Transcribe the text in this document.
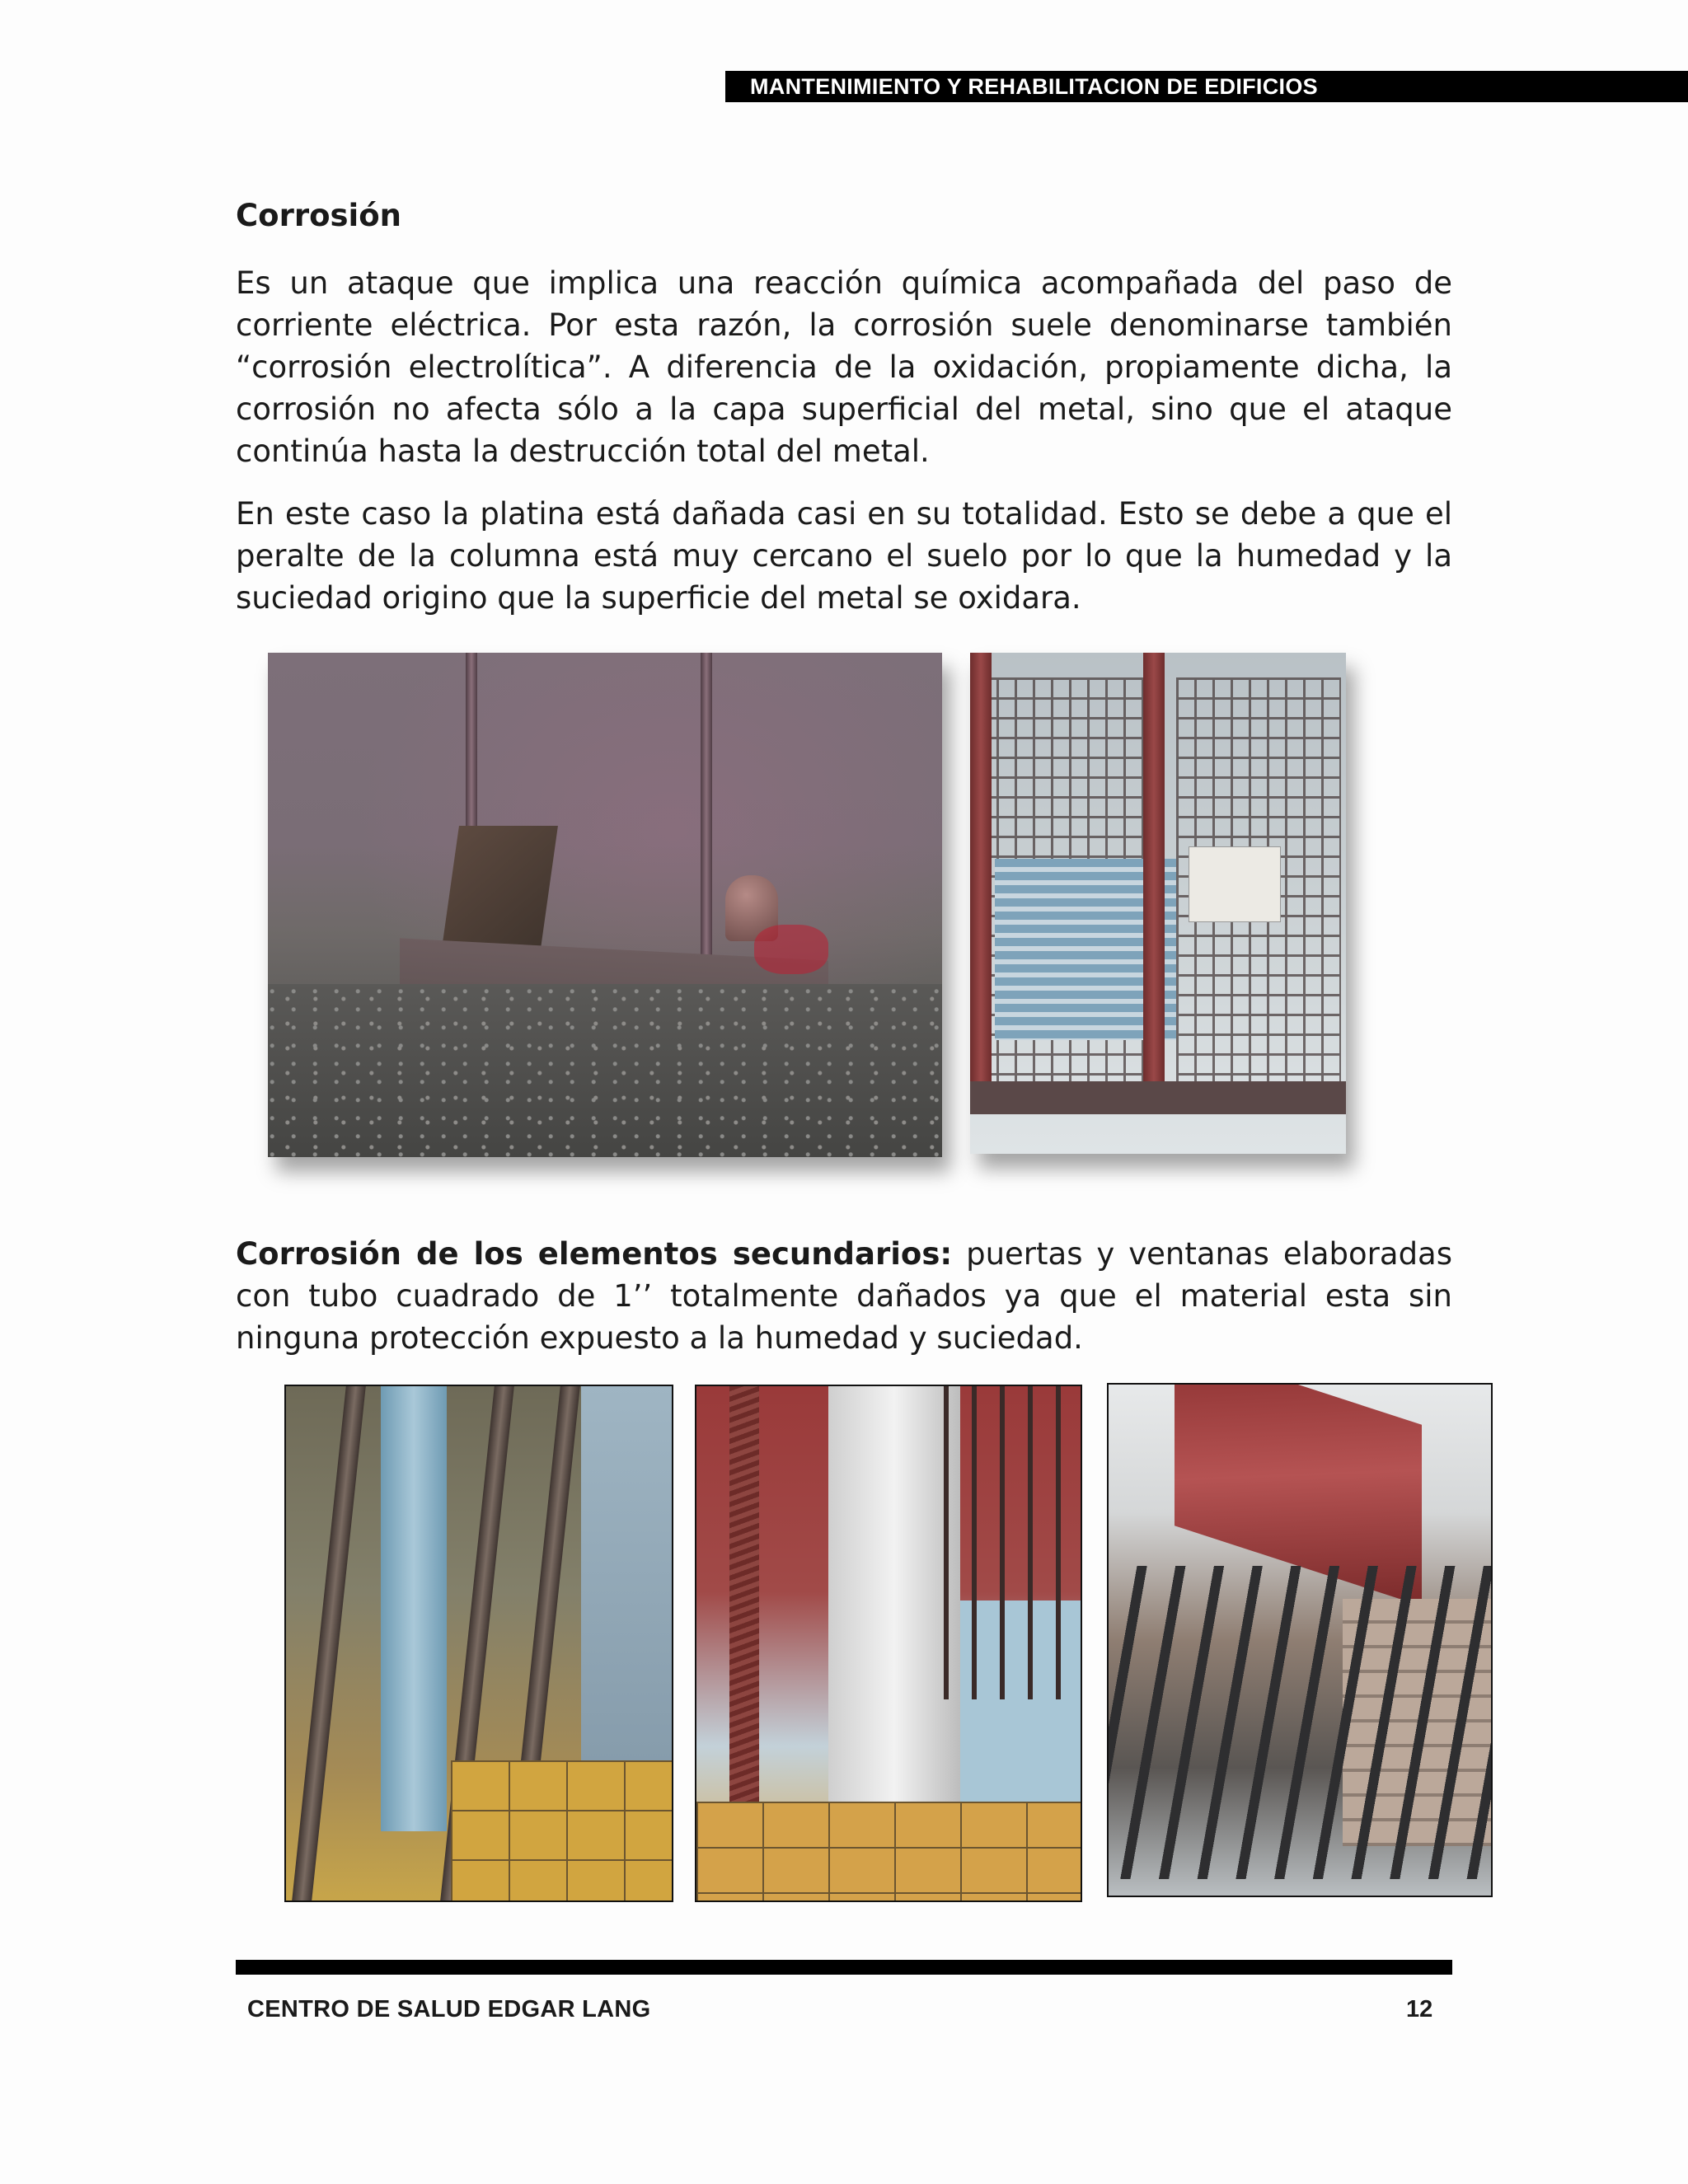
MANTENIMIENTO Y REHABILITACION DE EDIFICIOS
Corrosión

Es un ataque que implica una reacción química acompañada del paso de corriente eléctrica. Por esta razón, la corrosión suele denominarse también “corrosión electrolítica”. A diferencia de la oxidación, propiamente dicha, la corrosión no afecta sólo a la capa superficial del metal, sino que el ataque continúa hasta la destrucción total del metal.

En este caso la platina está dañada casi en su totalidad. Esto se debe a que el peralte de la columna está muy cercano el suelo por lo que la humedad y la suciedad origino que la superficie del metal se oxidara.

Corrosión de los elementos secundarios: puertas y ventanas elaboradas con tubo cuadrado de 1’’ totalmente dañados ya que el material esta sin ninguna protección expuesto a la humedad y suciedad.

CENTRO DE SALUD EDGAR LANG	12
